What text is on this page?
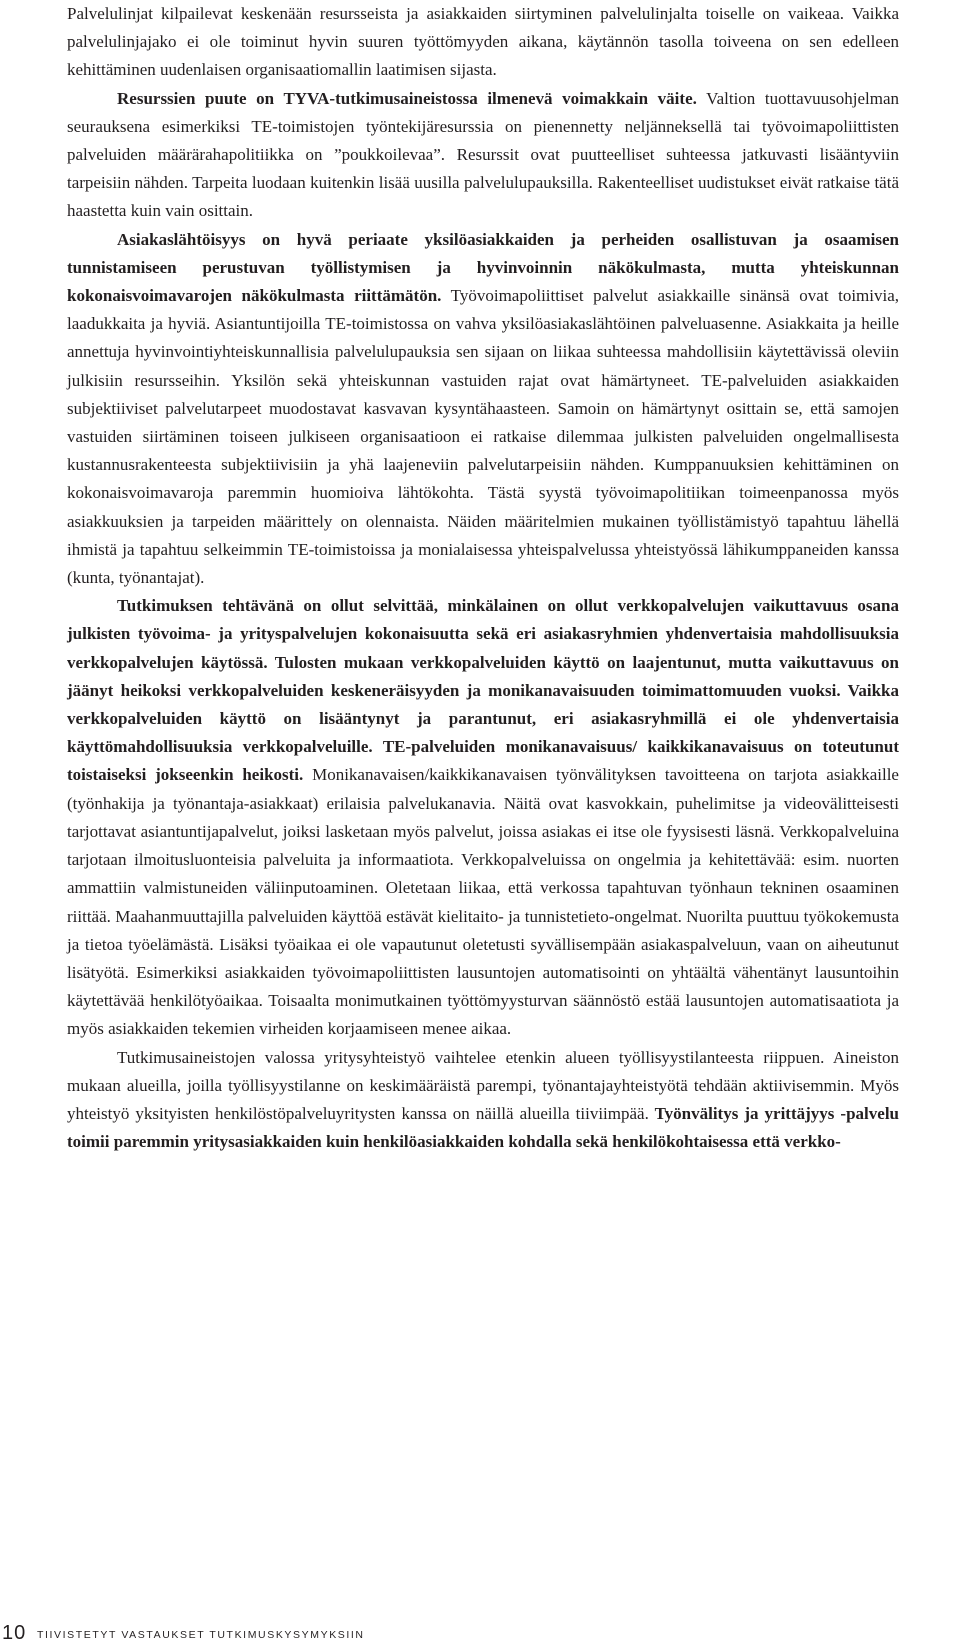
Palvelulinjat kilpailevat keskenään resursseista ja asiakkaiden siirtyminen palvelulinjalta toiselle on vaikeaa. Vaikka palvelulinjajako ei ole toiminut hyvin suuren työttömyyden aikana, käytännön tasolla toiveena on sen edelleen kehittäminen uudenlaisen organisaatiomallin laatimisen sijasta.

Resurssien puute on TYVA-tutkimusaineistossa ilmenevä voimakkain väite. Valtion tuottavuusohjelman seurauksena esimerkiksi TE-toimistojen työntekijäresurssia on pienennetty neljänneksellä tai työvoimapoliittisten palveluiden määrärahapolitiikka on ”poukkoilevaa”. Resurssit ovat puutteelliset suhteessa jatkuvasti lisääntyviin tarpeisiin nähden. Tarpeita luodaan kuitenkin lisää uusilla palvelulupauksilla. Rakenteelliset uudistukset eivät ratkaise tätä haastetta kuin vain osittain.

Asiakaslähtöisyys on hyvä periaate yksilöasiakkaiden ja perheiden osallistuvan ja osaamisen tunnistamiseen perustuvan työllistymisen ja hyvinvoinnin näkökulmasta, mutta yhteiskunnan kokonaisvoimavarojen näkökulmasta riittämätön. Työvoimapoliittiset palvelut asiakkaille sinänsä ovat toimivia, laadukkaita ja hyviä. Asiantuntijoilla TE-toimistossa on vahva yksilöasiakaslähtöinen palveluasenne. Asiakkaita ja heille annettuja hyvinvointiyhteiskunnallisia palvelulupauksia sen sijaan on liikaa suhteessa mahdollisiin käytettävissä oleviin julkisiin resursseihin. Yksilön sekä yhteiskunnan vastuiden rajat ovat hämärtyneet. TE-palveluiden asiakkaiden subjektiiviset palvelutarpeet muodostavat kasvavan kysyntähaasteen. Samoin on hämärtynyt osittain se, että samojen vastuiden siirtäminen toiseen julkiseen organisaatioon ei ratkaise dilemmaa julkisten palveluiden ongelmallisesta kustannusrakenteesta subjektiivisiin ja yhä laajeneviin palvelutarpeisiin nähden. Kumppanuuksien kehittäminen on kokonaisvoimavaroja paremmin huomioiva lähtökohta. Tästä syystä työvoimapolitiikan toimeenpanossa myös asiakkuuksien ja tarpeiden määrittely on olennaista. Näiden määritelmien mukainen työllistämistyö tapahtuu lähellä ihmistä ja tapahtuu selkeimmin TE-toimistoissa ja monialaisessa yhteispalvelussa yhteistyössä lähikumppaneiden kanssa (kunta, työnantajat).

Tutkimuksen tehtävänä on ollut selvittää, minkälainen on ollut verkkopalvelujen vaikuttavuus osana julkisten työvoima- ja yrityspalvelujen kokonaisuutta sekä eri asiakasryhmien yhdenvertaisia mahdollisuuksia verkkopalvelujen käytössä. Tulosten mukaan verkkopalveluiden käyttö on laajentunut, mutta vaikuttavuus on jäänyt heikoksi verkkopalveluiden keskeneräisyyden ja monikanavaisuuden toimimattomuuden vuoksi. Vaikka verkkopalveluiden käyttö on lisääntynyt ja parantunut, eri asiakasryhmillä ei ole yhdenvertaisia käyttömahdollisuuksia verkkopalveluille. TE-palveluiden monikanavaisuus/ kaikkikanavaisuus on toteutunut toistaiseksi jokseenkin heikosti. Monikanavaisen/kaikkikanavaisen työnvälityksen tavoitteena on tarjota asiakkaille (työnhakija ja työnantaja-asiakkaat) erilaisia palvelukanavia. Näitä ovat kasvokkain, puhelimitse ja videovälitteisesti tarjottavat asiantuntijapalvelut, joiksi lasketaan myös palvelut, joissa asiakas ei itse ole fyysisesti läsnä. Verkkopalveluina tarjotaan ilmoitusluonteisia palveluita ja informaatiota. Verkkopalveluissa on ongelmia ja kehitettävää: esim. nuorten ammattiin valmistuneiden väliinputoaminen. Oletetaan liikaa, että verkossa tapahtuvan työnhaun tekninen osaaminen riittää. Maahanmuuttajilla palveluiden käyttöä estävät kielitaito- ja tunnistetieto-ongelmat. Nuorilta puuttuu työkokemusta ja tietoa työelämästä. Lisäksi työaikaa ei ole vapautunut oletetusti syvällisempään asiakaspalveluun, vaan on aiheutunut lisätyötä. Esimerkiksi asiakkaiden työvoimapoliittisten lausuntojen automatisointi on yhtäältä vähentänyt lausuntoihin käytettävää henkilötyöaikaa. Toisaalta monimutkainen työttömyysturvan säännöstö estää lausuntojen automatisaatiota ja myös asiakkaiden tekemien virheiden korjaamiseen menee aikaa.

Tutkimusaineistojen valossa yritysyhteistyö vaihtelee etenkin alueen työllisyystilanteesta riippuen. Aineiston mukaan alueilla, joilla työllisyystilanne on keskimääräistä parempi, työnantajayhteistyötä tehdään aktiivisemmin. Myös yhteistyö yksityisten henkilöstöpalveluyritysten kanssa on näillä alueilla tiiviimpää. Työnvälitys ja yrittäjyys -palvelu toimii paremmin yritysasiakkaiden kuin henkilöasiakkaiden kohdalla sekä henkilökohtaisessa että verkko-

10 TIIVISTETYT VASTAUKSET TUTKIMUSKYSYMYKSIIN
